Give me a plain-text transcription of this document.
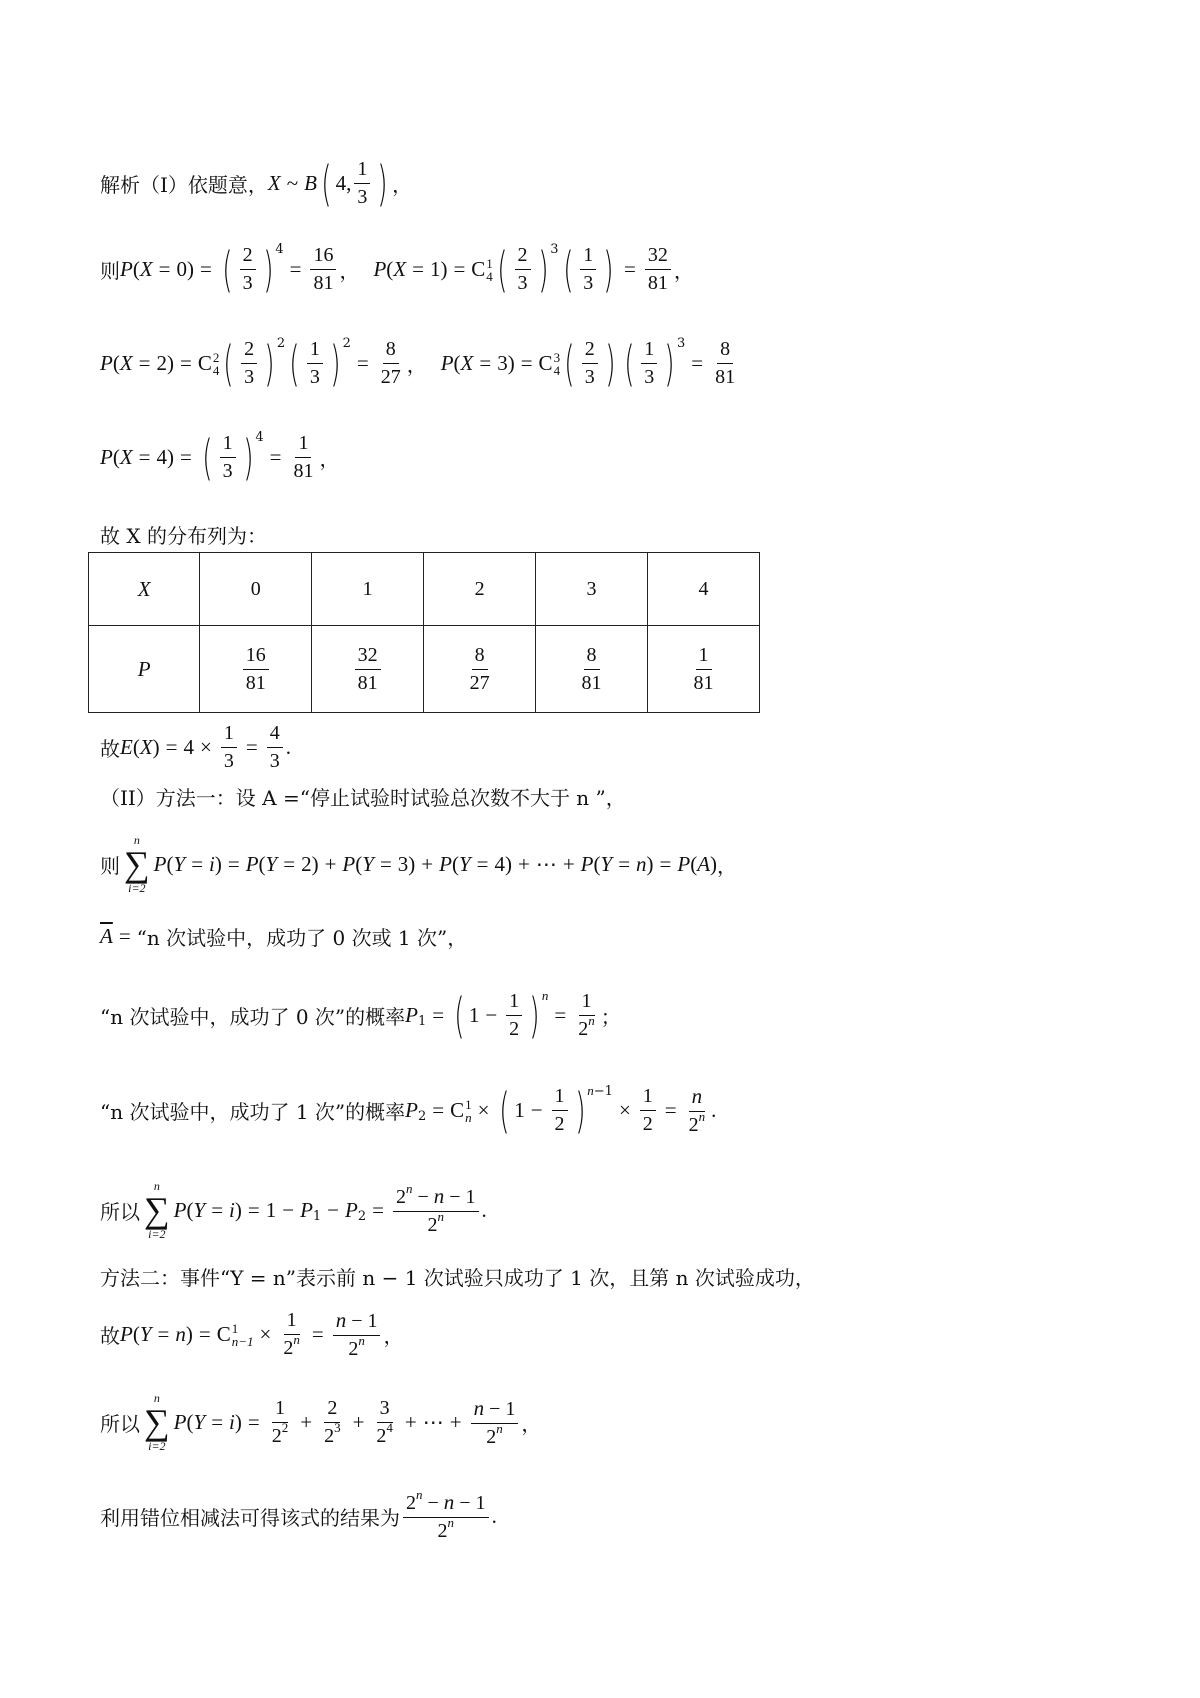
解析（I）依题意， X ~ B ( 4, $\frac{1}{3}$ ) ，
则 P ( X = 0) = ( $\frac{2}{3}$ ) 4
= $\frac{16}{81}$ ， P ( X = 1) = C 1
4 ( $\frac{2}{3}$ ) 3 ( $\frac{1}{3}$ ) = $\frac{32}{81}$ ，
P ( X = 2) = C 2
4 ( $\frac{2}{3}$ ) 2 ( $\frac{1}{3}$ ) 2
= $\frac{8}{27}$ ， P ( X = 3) = C 3
4 ( $\frac{2}{3}$ ) ( $\frac{1}{3}$ ) 3
= $\frac{8}{81}$
P ( X = 4) = ( $\frac{1}{3}$ ) 4
= $\frac{1}{81}$ ，
故 X 的分布列为：
X	0	1	2	3	4
P	$\frac{16}{81}$	$\frac{32}{81}$	$\frac{8}{27}$	$\frac{8}{81}$	$\frac{1}{81}$
故 E ( X ) = $4 \times \frac{1}{3} = \frac{4}{3}$ .
（II）方法一：设 A =“停止试验时试验总次数不大于 n ”，
则
n
∑
i=2
P ( Y = i ) = P ( Y = 2) + P ( Y = 3) + P ( Y = 4) + ⋯ + P ( Y = n ) = P ( A ) ，
$\overline{A}$ = “n 次试验中，成功了 0 次或 1 次”，
“n 次试验中，成功了 0 次”的概率 P 1 = ( $1 - \frac{1}{2}$ ) n
= $\frac{1}{2^n}$ ；
“n 次试验中，成功了 1 次”的概率 P 2 = C 1
n × ( $1 - \frac{1}{2}$ ) n−1
× $\frac{1}{2} = \frac{n}{2^n}$ .
所以
n
∑
i=2
P ( Y = i ) = 1 − P 1 − P $2 = \frac{2^n - n - 1}{2^n}$ .
方法二：事件“Y = n”表示前 n − 1 次试验只成功了 1 次，且第 n 次试验成功，
故 P ( Y = n ) = C 1
$n-1 \times \frac{1}{2^n} = \frac{n - 1}{2^n}$ ，
所以
n
∑
i=2
P ( Y = i ) = $\frac{1}{2^2} + \frac{2}{2^3} + \frac{3}{2^4}$ + ⋯ + $\frac{n - 1}{2^n}$ ，
利用错位相减法可得该式的结果为 $\frac{2^n - n - 1}{2^n}$ .
